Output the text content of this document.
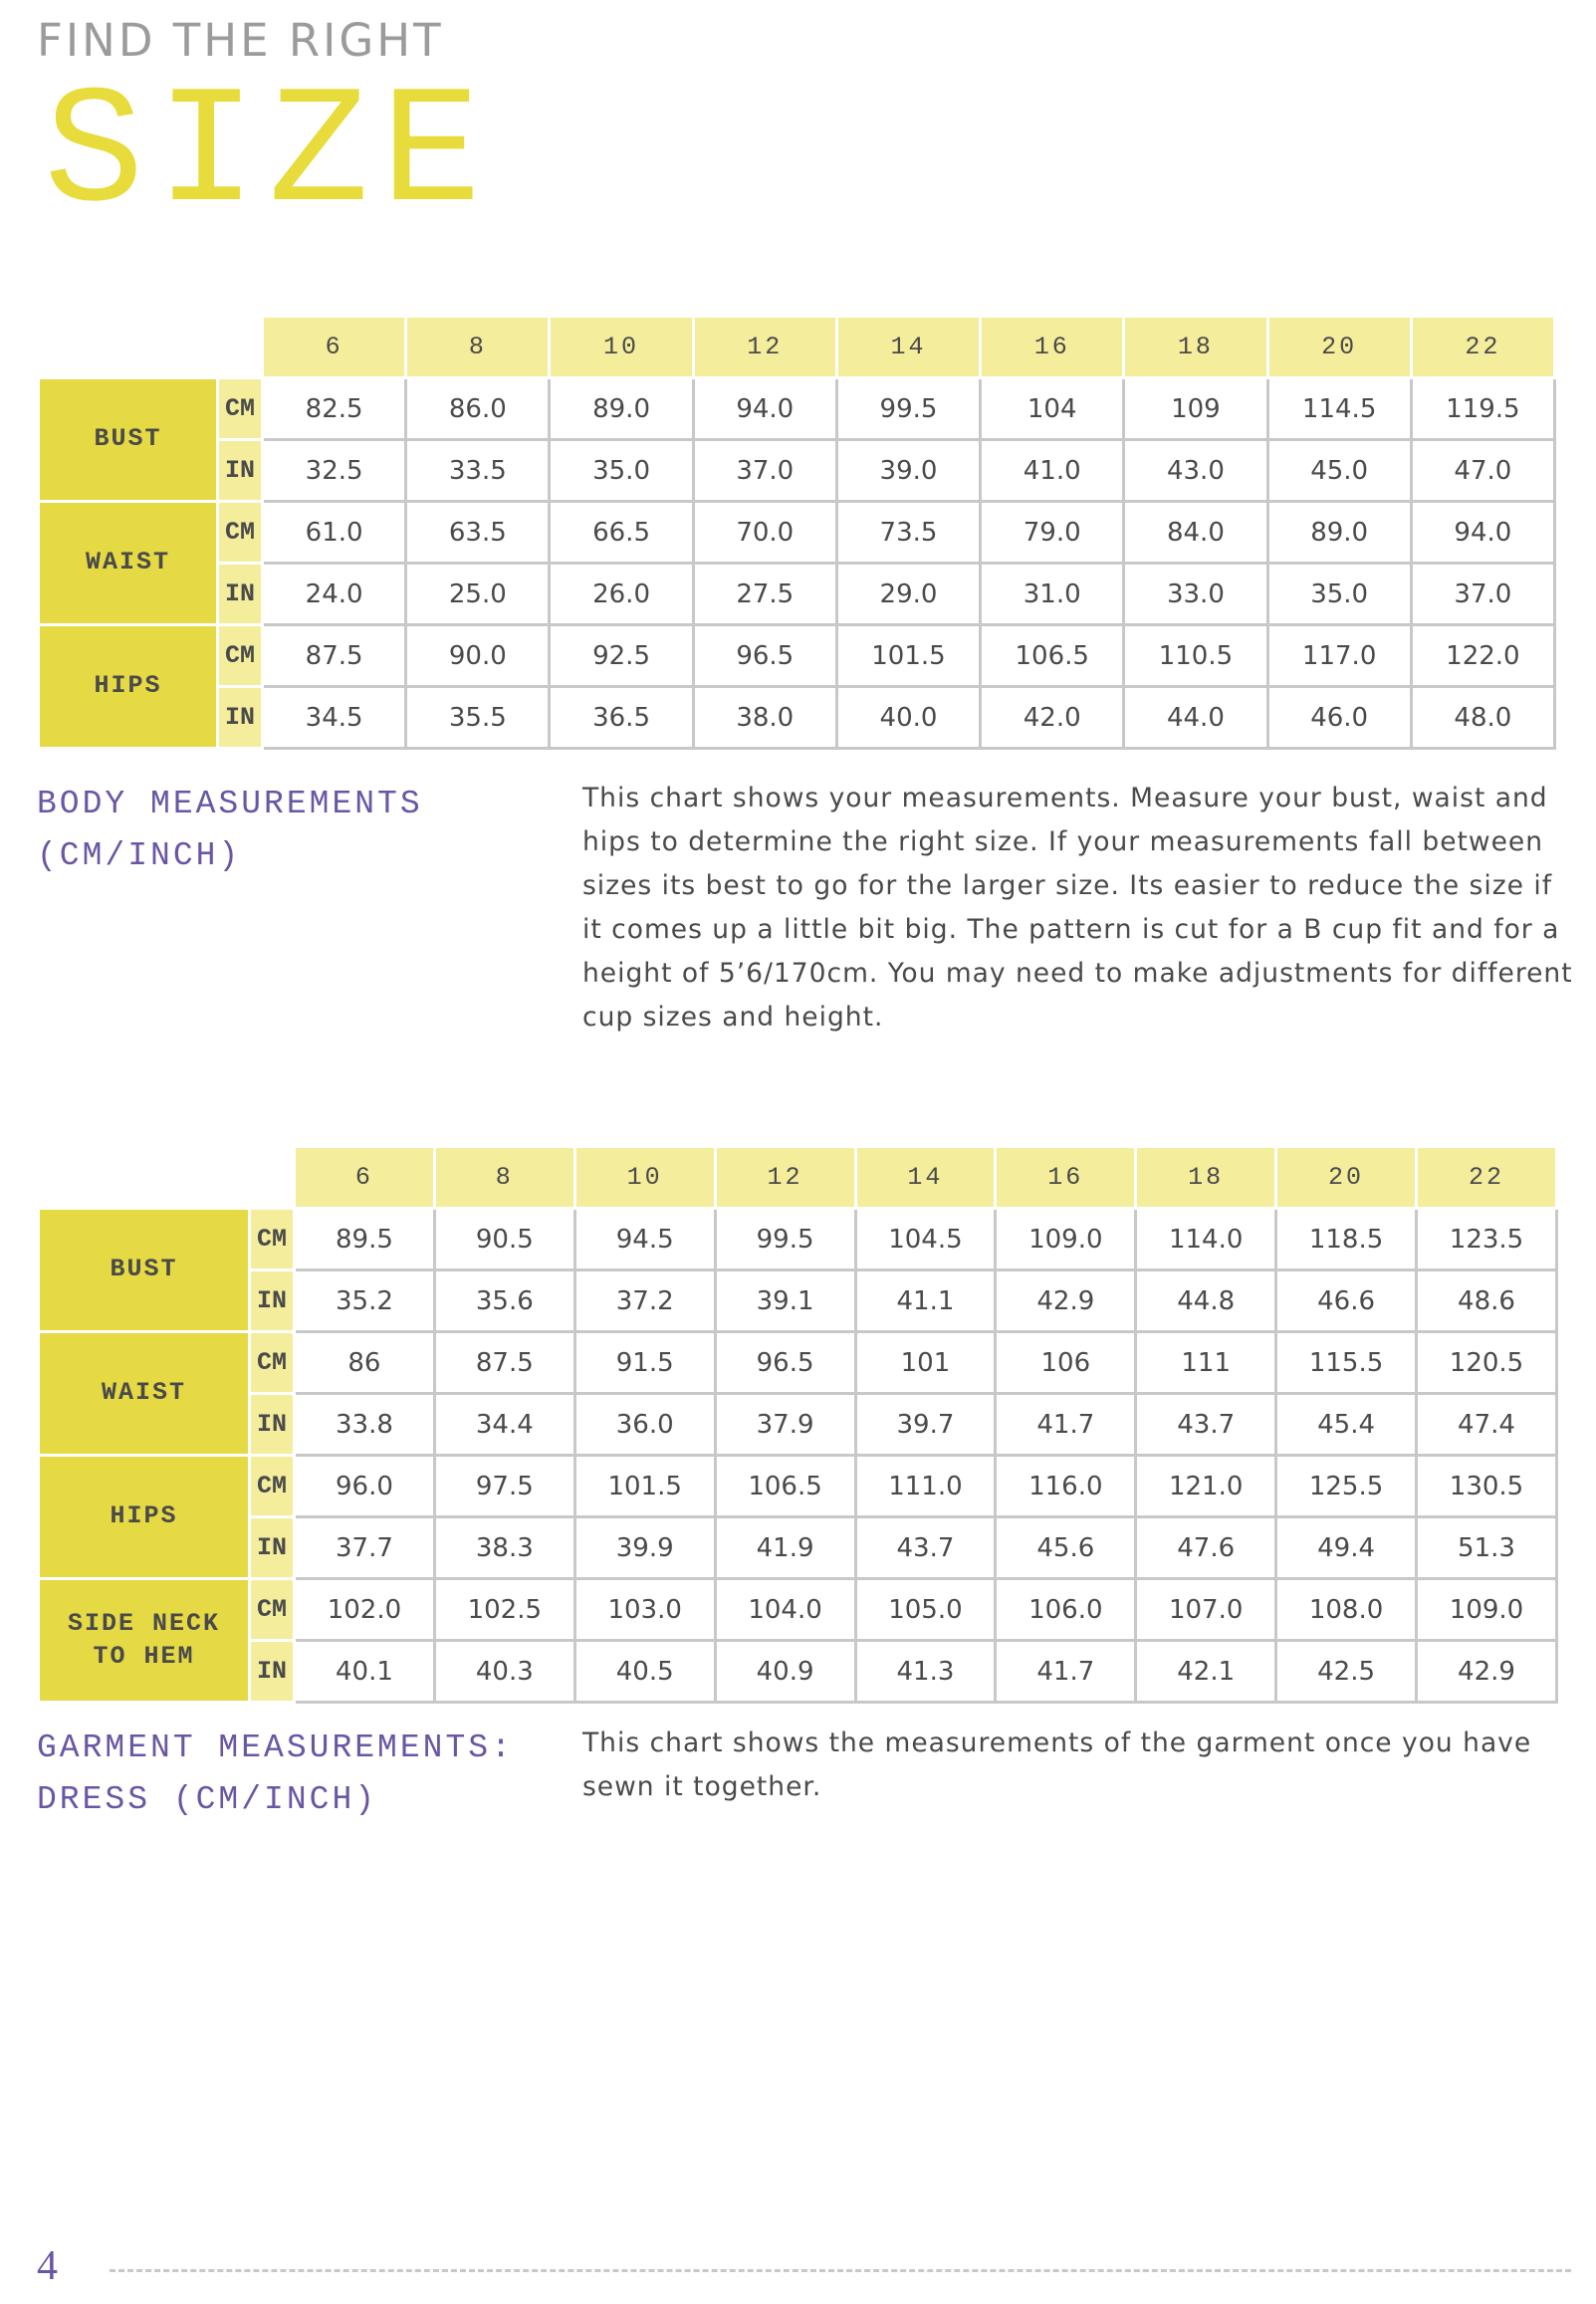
FIND THE RIGHT
SIZE
		6	8	10	12	14	16	18	20	22
BUST	CM	82.5	86.0	89.0	94.0	99.5	104	109	114.5	119.5
	IN	32.5	33.5	35.0	37.0	39.0	41.0	43.0	45.0	47.0
WAIST	CM	61.0	63.5	66.5	70.0	73.5	79.0	84.0	89.0	94.0
	IN	24.0	25.0	26.0	27.5	29.0	31.0	33.0	35.0	37.0
HIPS	CM	87.5	90.0	92.5	96.5	101.5	106.5	110.5	117.0	122.0
	IN	34.5	35.5	36.5	38.0	40.0	42.0	44.0	46.0	48.0
BODY MEASUREMENTS
(CM/INCH)
This chart shows your measurements. Measure your bust, waist and hips to determine the right size. If your measurements fall between sizes its best to go for the larger size. Its easier to reduce the size if it comes up a little bit big. The pattern is cut for a B cup fit and for a height of 5’6/170cm. You may need to make adjustments for different cup sizes and height.
		6	8	10	12	14	16	18	20	22
BUST	CM	89.5	90.5	94.5	99.5	104.5	109.0	114.0	118.5	123.5
	IN	35.2	35.6	37.2	39.1	41.1	42.9	44.8	46.6	48.6
WAIST	CM	86	87.5	91.5	96.5	101	106	111	115.5	120.5
	IN	33.8	34.4	36.0	37.9	39.7	41.7	43.7	45.4	47.4
HIPS	CM	96.0	97.5	101.5	106.5	111.0	116.0	121.0	125.5	130.5
	IN	37.7	38.3	39.9	41.9	43.7	45.6	47.6	49.4	51.3
SIDE NECK
TO HEM	CM	102.0	102.5	103.0	104.0	105.0	106.0	107.0	108.0	109.0
	IN	40.1	40.3	40.5	40.9	41.3	41.7	42.1	42.5	42.9
GARMENT MEASUREMENTS:
DRESS (CM/INCH)
This chart shows the measurements of the garment once you have sewn it together.
4
